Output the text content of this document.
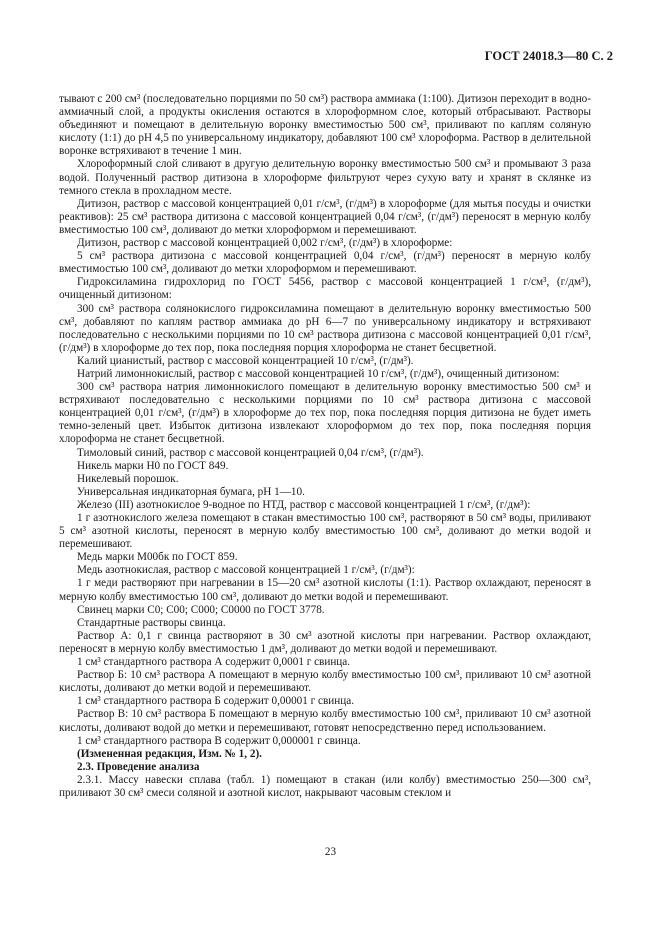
ГОСТ 24018.3—80 С. 2

тывают с 200 см³ (последовательно порциями по 50 см³) раствора аммиака (1:100). Дитизон переходит в водно-аммиачный слой, а продукты окисления остаются в хлороформном слое, который отбрасывают. Растворы объединяют и помещают в делительную воронку вместимостью 500 см³, приливают по каплям соляную кислоту (1:1) до pH 4,5 по универсальному индикатору, добавляют 100 см³ хлороформа. Раствор в делительной воронке встряхивают в течение 1 мин.

Хлороформный слой сливают в другую делительную воронку вместимостью 500 см³ и промывают 3 раза водой. Полученный раствор дитизона в хлороформе фильтруют через сухую вату и хранят в склянке из темного стекла в прохладном месте.

Дитизон, раствор с массовой концентрацией 0,01 г/см³, (г/дм³) в хлороформе (для мытья посуды и очистки реактивов): 25 см³ раствора дитизона с массовой концентрацией 0,04 г/см³, (г/дм³) переносят в мерную колбу вместимостью 100 см³, доливают до метки хлороформом и перемешивают.

Дитизон, раствор с массовой концентрацией 0,002 г/см³, (г/дм³) в хлороформе:

5 см³ раствора дитизона с массовой концентрацией 0,04 г/см³, (г/дм³) переносят в мерную колбу вместимостью 100 см³, доливают до метки хлороформом и перемешивают.

Гидроксиламина гидрохлорид по ГОСТ 5456, раствор с массовой концентрацией 1 г/см³, (г/дм³), очищенный дитизоном:

300 см³ раствора солянокислого гидроксиламина помещают в делительную воронку вместимостью 500 см³, добавляют по каплям раствор аммиака до pH 6—7 по универсальному индикатору и встряхивают последовательно с несколькими порциями по 10 см³ раствора дитизона с массовой концентрацией 0,01 г/см³, (г/дм³) в хлороформе до тех пор, пока последняя порция хлороформа не станет бесцветной.

Калий цианистый, раствор с массовой концентрацией 10 г/см³, (г/дм³).

Натрий лимоннокислый, раствор с массовой концентрацией 10 г/см³, (г/дм³), очищенный дитизоном:

300 см³ раствора натрия лимоннокислого помещают в делительную воронку вместимостью 500 см³ и встряхивают последовательно с несколькими порциями по 10 см³ раствора дитизона с массовой концентрацией 0,01 г/см³, (г/дм³) в хлороформе до тех пор, пока последняя порция дитизона не будет иметь темно-зеленый цвет. Избыток дитизона извлекают хлороформом до тех пор, пока последняя порция хлороформа не станет бесцветной.

Тимоловый синий, раствор с массовой концентрацией 0,04 г/см³, (г/дм³).

Никель марки Н0 по ГОСТ 849.

Никелевый порошок.

Универсальная индикаторная бумага, pH 1—10.

Железо (III) азотнокислое 9-водное по НТД, раствор с массовой концентрацией 1 г/см³, (г/дм³):

1 г азотнокислого железа помещают в стакан вместимостью 100 см³, растворяют в 50 см³ воды, приливают 5 см³ азотной кислоты, переносят в мерную колбу вместимостью 100 см³, доливают до метки водой и перемешивают.

Медь марки М00бк по ГОСТ 859.

Медь азотнокислая, раствор с массовой концентрацией 1 г/см³, (г/дм³):

1 г меди растворяют при нагревании в 15—20 см³ азотной кислоты (1:1). Раствор охлаждают, переносят в мерную колбу вместимостью 100 см³, доливают до метки водой и перемешивают.

Свинец марки С0; С00; С000; С0000 по ГОСТ 3778.

Стандартные растворы свинца.

Раствор А: 0,1 г свинца растворяют в 30 см³ азотной кислоты при нагревании. Раствор охлаждают, переносят в мерную колбу вместимостью 1 дм³, доливают до метки водой и перемешивают.

1 см³ стандартного раствора А содержит 0,0001 г свинца.

Раствор Б: 10 см³ раствора А помещают в мерную колбу вместимостью 100 см³, приливают 10 см³ азотной кислоты, доливают до метки водой и перемешивают.

1 см³ стандартного раствора Б содержит 0,00001 г свинца.

Раствор В: 10 см³ раствора Б помещают в мерную колбу вместимостью 100 см³, приливают 10 см³ азотной кислоты, доливают водой до метки и перемешивают, готовят непосредственно перед использованием.

1 см³ стандартного раствора В содержит 0,000001 г свинца.

(Измененная редакция, Изм. № 1, 2).

2.3. Проведение анализа

2.3.1. Массу навески сплава (табл. 1) помещают в стакан (или колбу) вместимостью 250—300 см³, приливают 30 см³ смеси соляной и азотной кислот, накрывают часовым стеклом и

23
